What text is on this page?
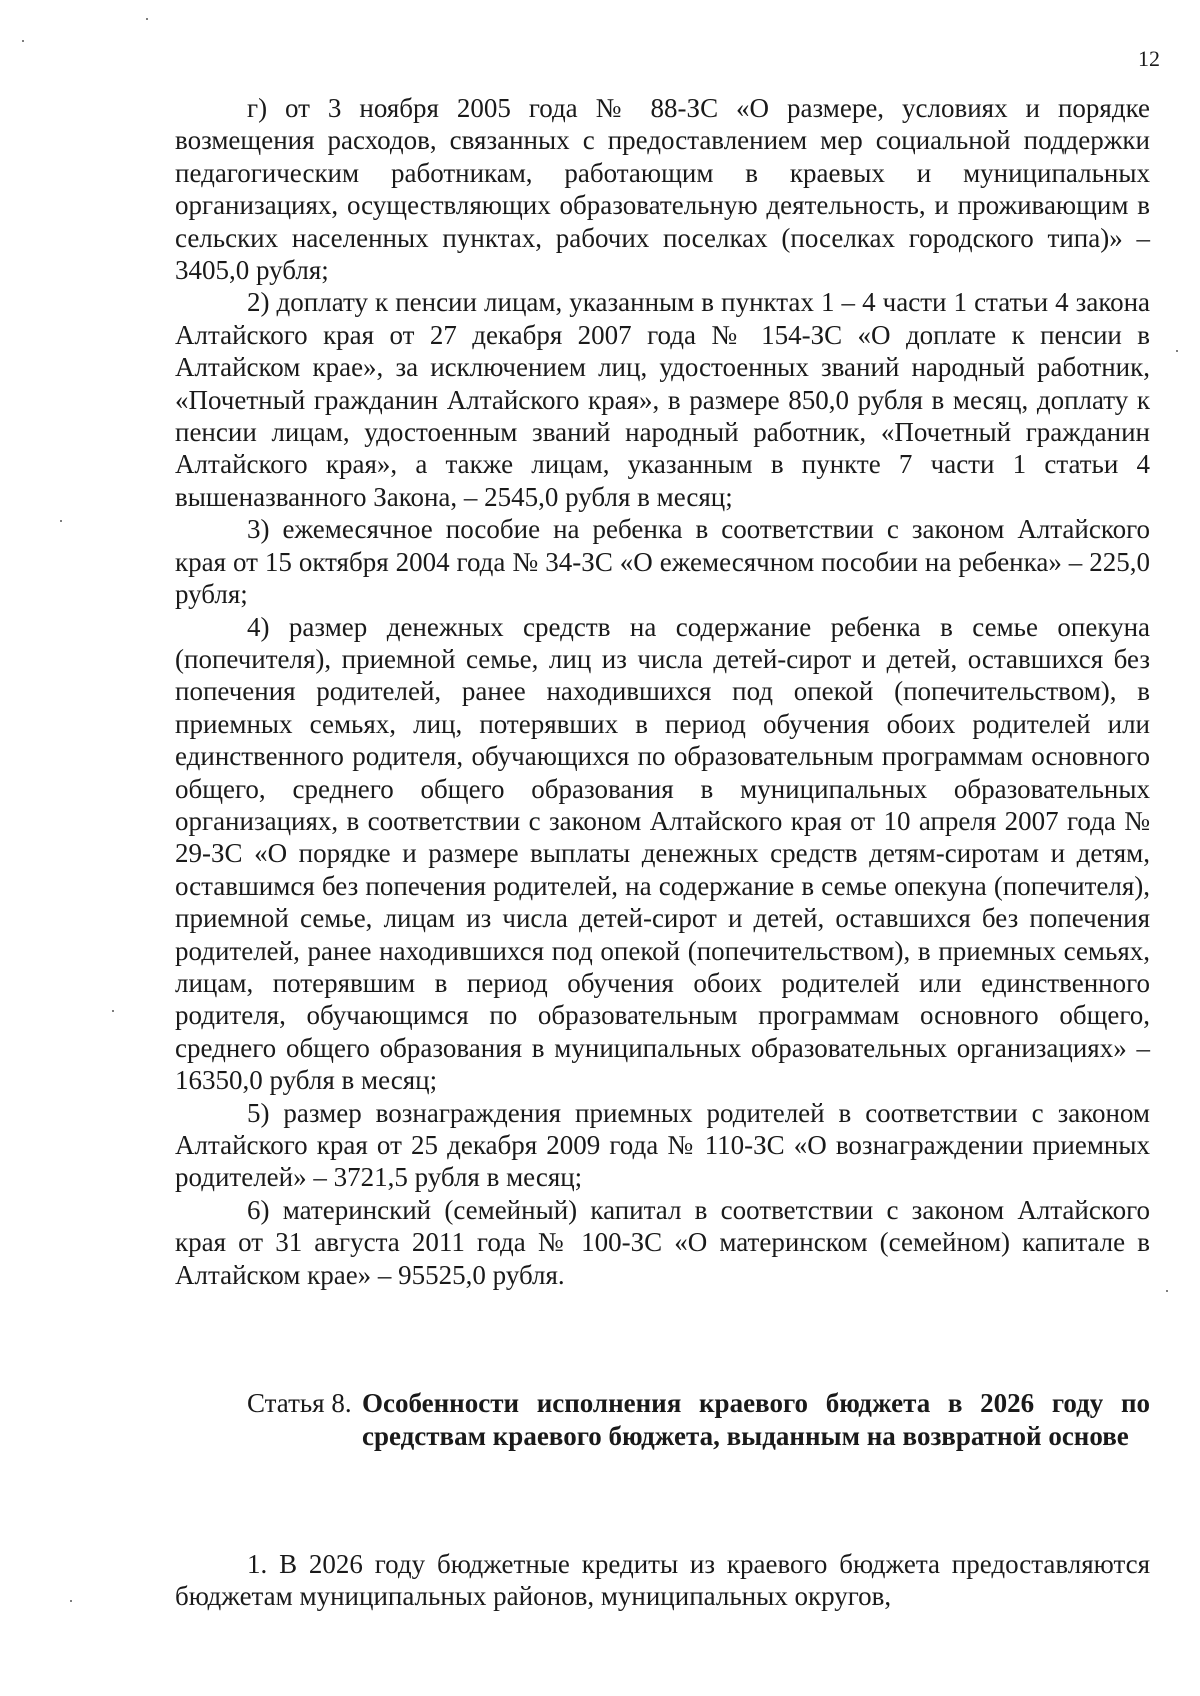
12

г) от 3 ноября 2005 года № 88-ЗС «О размере, условиях и порядке возмещения расходов, связанных с предоставлением мер социальной поддержки педагогическим работникам, работающим в краевых и муниципальных организациях, осуществляющих образовательную деятельность, и проживающим в сельских населенных пунктах, рабочих поселках (поселках городского типа)» – 3405,0 рубля;

2) доплату к пенсии лицам, указанным в пунктах 1 – 4 части 1 статьи 4 закона Алтайского края от 27 декабря 2007 года № 154-ЗС «О доплате к пенсии в Алтайском крае», за исключением лиц, удостоенных званий народный работник, «Почетный гражданин Алтайского края», в размере 850,0 рубля в месяц, доплату к пенсии лицам, удостоенным званий народный работник, «Почетный гражданин Алтайского края», а также лицам, указанным в пункте 7 части 1 статьи 4 вышеназванного Закона, – 2545,0 рубля в месяц;

3) ежемесячное пособие на ребенка в соответствии с законом Алтайского края от 15 октября 2004 года № 34-ЗС «О ежемесячном пособии на ребенка» – 225,0 рубля;

4) размер денежных средств на содержание ребенка в семье опекуна (попечителя), приемной семье, лиц из числа детей-сирот и детей, оставшихся без попечения родителей, ранее находившихся под опекой (попечительством), в приемных семьях, лиц, потерявших в период обучения обоих родителей или единственного родителя, обучающихся по образовательным программам основного общего, среднего общего образования в муниципальных образовательных организациях, в соответствии с законом Алтайского края от 10 апреля 2007 года № 29-ЗС «О порядке и размере выплаты денежных средств детям-сиротам и детям, оставшимся без попечения родителей, на содержание в семье опекуна (попечителя), приемной семье, лицам из числа детей-сирот и детей, оставшихся без попечения родителей, ранее находившихся под опекой (попечительством), в приемных семьях, лицам, потерявшим в период обучения обоих родителей или единственного родителя, обучающимся по образовательным программам основного общего, среднего общего образования в муниципальных образовательных организациях» – 16350,0 рубля в месяц;

5) размер вознаграждения приемных родителей в соответствии с законом Алтайского края от 25 декабря 2009 года № 110-ЗС «О вознаграждении приемных родителей» – 3721,5 рубля в месяц;

6) материнский (семейный) капитал в соответствии с законом Алтайского края от 31 августа 2011 года № 100-ЗС «О материнском (семейном) капитале в Алтайском крае» – 95525,0 рубля.

Статья 8. Особенности исполнения краевого бюджета в 2026 году по средствам краевого бюджета, выданным на возвратной основе

1. В 2026 году бюджетные кредиты из краевого бюджета предоставляются бюджетам муниципальных районов, муниципальных округов,
